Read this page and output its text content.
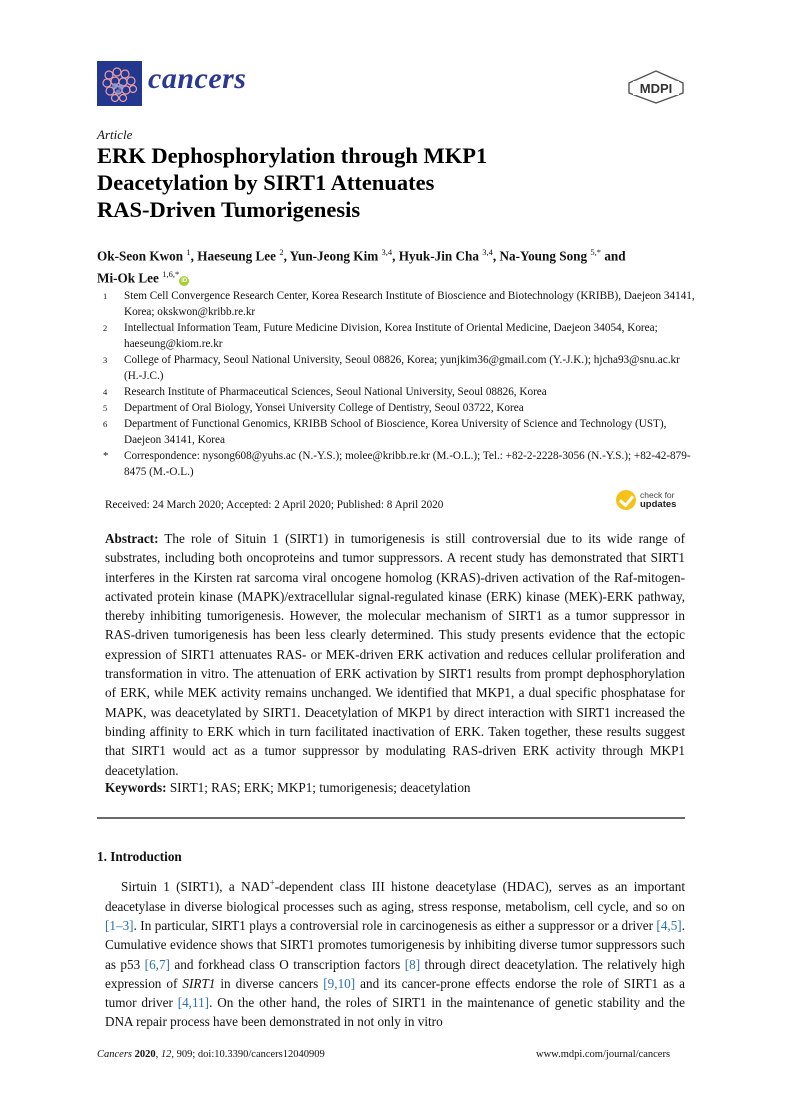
cancers	MDPI
Article
ERK Dephosphorylation through MKP1
Deacetylation by SIRT1 Attenuates
RAS-Driven Tumorigenesis
Ok-Seon Kwon $^1$, Haeseung Lee $^2$, Yun-Jeong Kim $^{3,4}$, Hyuk-Jin Cha $^{3,4}$, Na-Young Song $^{5,*}$ and
Mi-Ok Lee $^{1,6,*}$iD
1	Stem Cell Convergence Research Center, Korea Research Institute of Bioscience and Biotechnology (KRIBB), Daejeon 34141, Korea; okskwon@kribb.re.kr
2	Intellectual Information Team, Future Medicine Division, Korea Institute of Oriental Medicine, Daejeon 34054, Korea; haeseung@kiom.re.kr
3	College of Pharmacy, Seoul National University, Seoul 08826, Korea; yunjkim36@gmail.com (Y.-J.K.); hjcha93@snu.ac.kr (H.-J.C.)
4	Research Institute of Pharmaceutical Sciences, Seoul National University, Seoul 08826, Korea
5	Department of Oral Biology, Yonsei University College of Dentistry, Seoul 03722, Korea
6	Department of Functional Genomics, KRIBB School of Bioscience, Korea University of Science and Technology (UST), Daejeon 34141, Korea
*	Correspondence: nysong608@yuhs.ac (N.-Y.S.); molee@kribb.re.kr (M.-O.L.); Tel.: +82-2-2228-3056 (N.-Y.S.); +82-42-879-8475 (M.-O.L.)
Received: 24 March 2020; Accepted: 2 April 2020; Published: 8 April 2020
check for
updates
Abstract: The role of Situin 1 (SIRT1) in tumorigenesis is still controversial due to its wide range of substrates, including both oncoproteins and tumor suppressors. A recent study has demonstrated that SIRT1 interferes in the Kirsten rat sarcoma viral oncogene homolog (KRAS)-driven activation of the Raf-mitogen-activated protein kinase (MAPK)/extracellular signal-regulated kinase (ERK) kinase (MEK)-ERK pathway, thereby inhibiting tumorigenesis. However, the molecular mechanism of SIRT1 as a tumor suppressor in RAS-driven tumorigenesis has been less clearly determined. This study presents evidence that the ectopic expression of SIRT1 attenuates RAS- or MEK-driven ERK activation and reduces cellular proliferation and transformation in vitro. The attenuation of ERK activation by SIRT1 results from prompt dephosphorylation of ERK, while MEK activity remains unchanged. We identified that MKP1, a dual specific phosphatase for MAPK, was deacetylated by SIRT1. Deacetylation of MKP1 by direct interaction with SIRT1 increased the binding affinity to ERK which in turn facilitated inactivation of ERK. Taken together, these results suggest that SIRT1 would act as a tumor suppressor by modulating RAS-driven ERK activity through MKP1 deacetylation.
Keywords: SIRT1; RAS; ERK; MKP1; tumorigenesis; deacetylation
1. Introduction
Sirtuin 1 (SIRT1), a NAD+-dependent class III histone deacetylase (HDAC), serves as an important deacetylase in diverse biological processes such as aging, stress response, metabolism, cell cycle, and so on [1–3]. In particular, SIRT1 plays a controversial role in carcinogenesis as either a suppressor or a driver [4,5]. Cumulative evidence shows that SIRT1 promotes tumorigenesis by inhibiting diverse tumor suppressors such as p53 [6,7] and forkhead class O transcription factors [8] through direct deacetylation. The relatively high expression of SIRT1 in diverse cancers [9,10] and its cancer-prone effects endorse the role of SIRT1 as a tumor driver [4,11]. On the other hand, the roles of SIRT1 in the maintenance of genetic stability and the DNA repair process have been demonstrated in not only in vitro
Cancers 2020, 12, 909; doi:10.3390/cancers12040909	www.mdpi.com/journal/cancers
